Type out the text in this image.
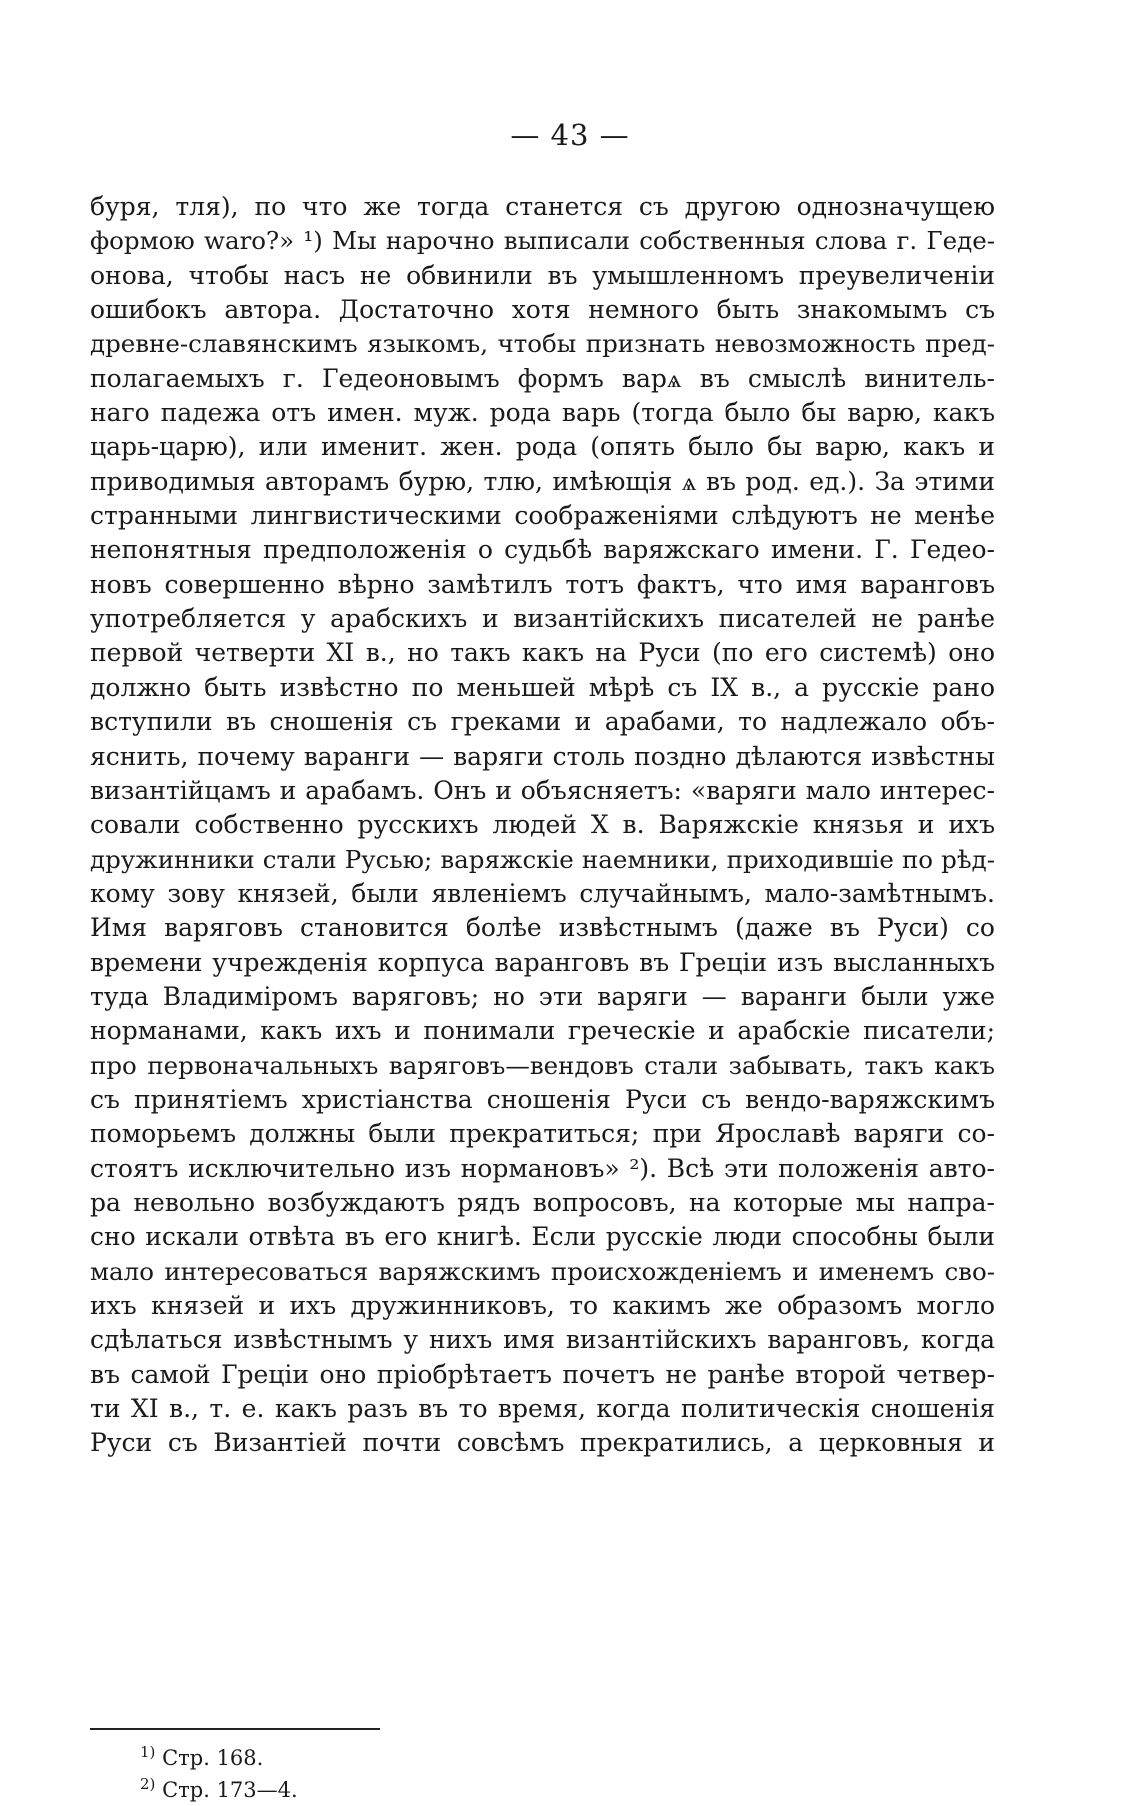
— 43 —
буря, тля), по что же тогда станется съ другою однозначущею
формою waro?» ¹) Мы нарочно выписали собственныя слова г. Геде-
онова, чтобы насъ не обвинили въ умышленномъ преувеличеніи
ошибокъ автора. Достаточно хотя немного быть знакомымъ съ
древне-славянскимъ языкомъ, чтобы признать невозможность пред-
полагаемыхъ г. Гедеоновымъ формъ варѧ въ смыслѣ винитель-
наго падежа отъ имен. муж. рода варь (тогда было бы варю, какъ
царь-царю), или именит. жен. рода (опять было бы варю, какъ и
приводимыя авторамъ бурю, тлю, имѣющія ѧ въ род. ед.). За этими
странными лингвистическими соображеніями слѣдуютъ не менѣе
непонятныя предположенія о судьбѣ варяжскаго имени. Г. Гедео-
новъ совершенно вѣрно замѣтилъ тотъ фактъ, что имя варанговъ
употребляется у арабскихъ и византійскихъ писателей не ранѣе
первой четверти XI в., но такъ какъ на Руси (по его системѣ) оно
должно быть извѣстно по меньшей мѣрѣ съ IX в., а русскіе рано
вступили въ сношенія съ греками и арабами, то надлежало объ-
яснить, почему варанги — варяги столь поздно дѣлаются извѣстны
византійцамъ и арабамъ. Онъ и объясняетъ: «варяги мало интерес-
совали собственно русскихъ людей X в. Варяжскіе князья и ихъ
дружинники стали Русью; варяжскіе наемники, приходившіе по рѣд-
кому зову князей, были явленіемъ случайнымъ, мало-замѣтнымъ.
Имя варяговъ становится болѣе извѣстнымъ (даже въ Руси) со
времени учрежденія корпуса варанговъ въ Греціи изъ высланныхъ
туда Владиміромъ варяговъ; но эти варяги — варанги были уже
норманами, какъ ихъ и понимали греческіе и арабскіе писатели;
про первоначальныхъ варяговъ—вендовъ стали забывать, такъ какъ
съ принятіемъ христіанства сношенія Руси съ вендо-варяжскимъ
поморьемъ должны были прекратиться; при Ярославѣ варяги со-
стоятъ исключительно изъ нормановъ» ²). Всѣ эти положенія авто-
ра невольно возбуждаютъ рядъ вопросовъ, на которые мы напра-
сно искали отвѣта въ его книгѣ. Если русскіе люди способны были
мало интересоваться варяжскимъ происхожденіемъ и именемъ сво-
ихъ князей и ихъ дружинниковъ, то какимъ же образомъ могло
сдѣлаться извѣстнымъ у нихъ имя византійскихъ варанговъ, когда
въ самой Греціи оно пріобрѣтаетъ почетъ не ранѣе второй четвер-
ти XI в., т. е. какъ разъ въ то время, когда политическія сношенія
Руси съ Византіей почти совсѣмъ прекратились, а церковныя и
$^{1)}$ Стр. 168.
$^{2)}$ Стр. 173—4.
